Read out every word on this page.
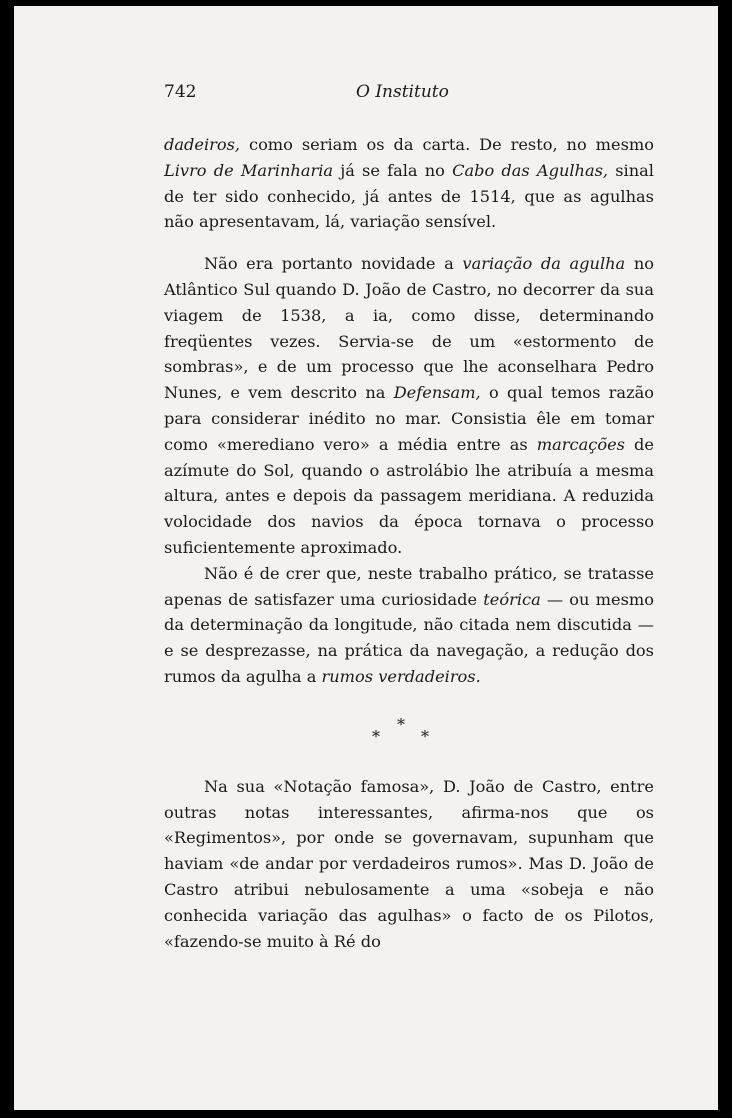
742	O Instituto

dadeiros, como seriam os da carta. De resto, no mesmo Livro de Marinharia já se fala no Cabo das Agulhas, sinal de ter sido conhecido, já antes de 1514, que as agulhas não apresentavam, lá, variação sensível.

Não era portanto novidade a variação da agulha no Atlântico Sul quando D. João de Castro, no decorrer da sua viagem de 1538, a ia, como disse, determinando freqüentes vezes. Servia-se de um «estormento de sombras», e de um processo que lhe aconselhara Pedro Nunes, e vem descrito na Defensam, o qual temos razão para considerar inédito no mar. Consistia êle em tomar como «merediano vero» a média entre as marcações de azímute do Sol, quando o astrolábio lhe atribuía a mesma altura, antes e depois da passagem meridiana. A reduzida volocidade dos navios da época tornava o processo suficientemente aproximado.

Não é de crer que, neste trabalho prático, se tratasse apenas de satisfazer uma curiosidade teórica — ou mesmo da determinação da longitude, não citada nem discutida — e se desprezasse, na prática da navegação, a redução dos rumos da agulha a rumos verdadeiros.

*
*	*

Na sua «Notação famosa», D. João de Castro, entre outras notas interessantes, afirma-nos que os «Regimentos», por onde se governavam, supunham que haviam «de andar por verdadeiros rumos». Mas D. João de Castro atribui nebulosamente a uma «sobeja e não conhecida variação das agulhas» o facto de os Pilotos, «fazendo-se muito à Ré do
